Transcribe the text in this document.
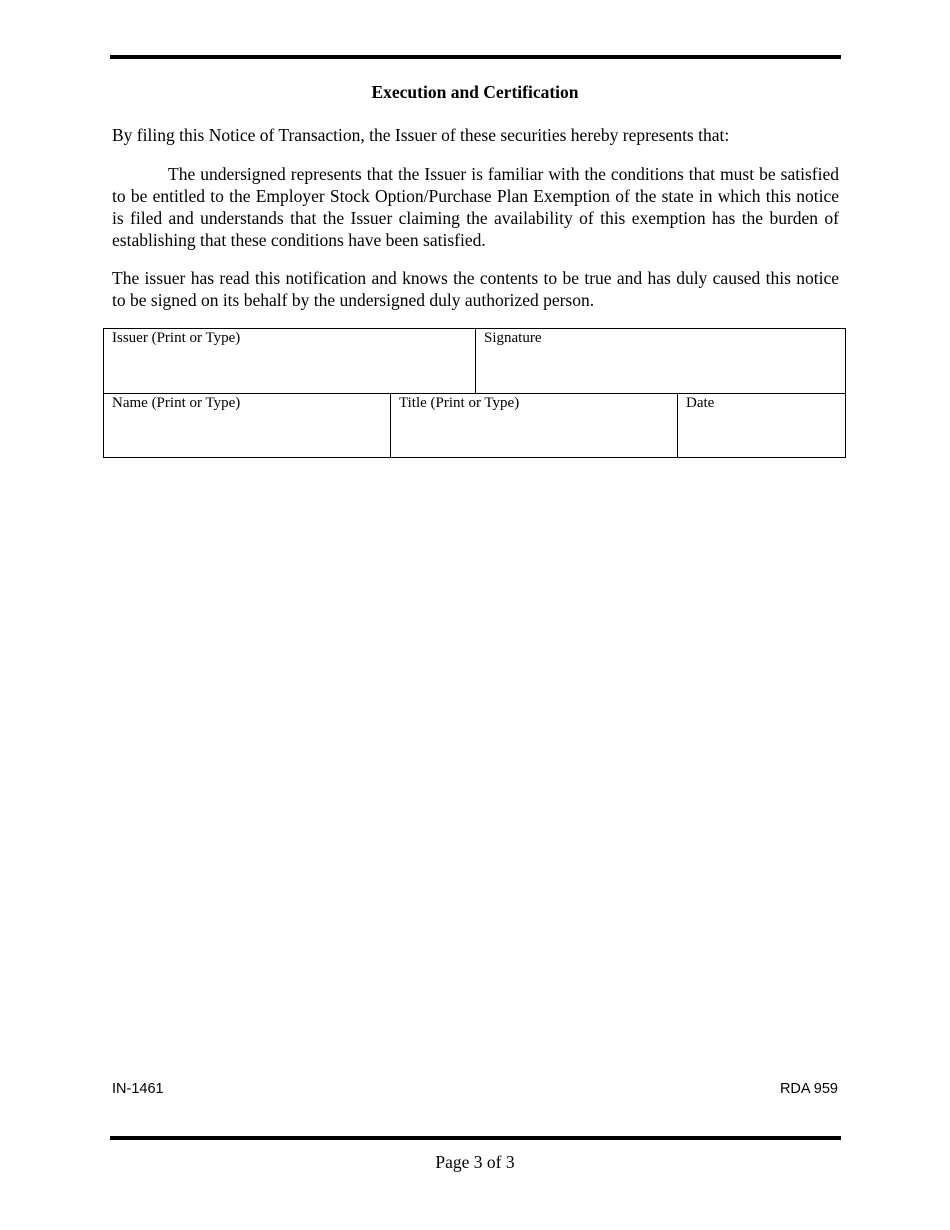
Execution and Certification
By filing this Notice of Transaction, the Issuer of these securities hereby represents that:
The undersigned represents that the Issuer is familiar with the conditions that must be satisfied to be entitled to the Employer Stock Option/Purchase Plan Exemption of the state in which this notice is filed and understands that the Issuer claiming the availability of this exemption has the burden of establishing that these conditions have been satisfied.
The issuer has read this notification and knows the contents to be true and has duly caused this notice to be signed on its behalf by the undersigned duly authorized person.
Issuer (Print or Type)	Signature
Name (Print or Type)	Title (Print or Type)	Date
IN-1461	RDA 959
Page 3 of 3
